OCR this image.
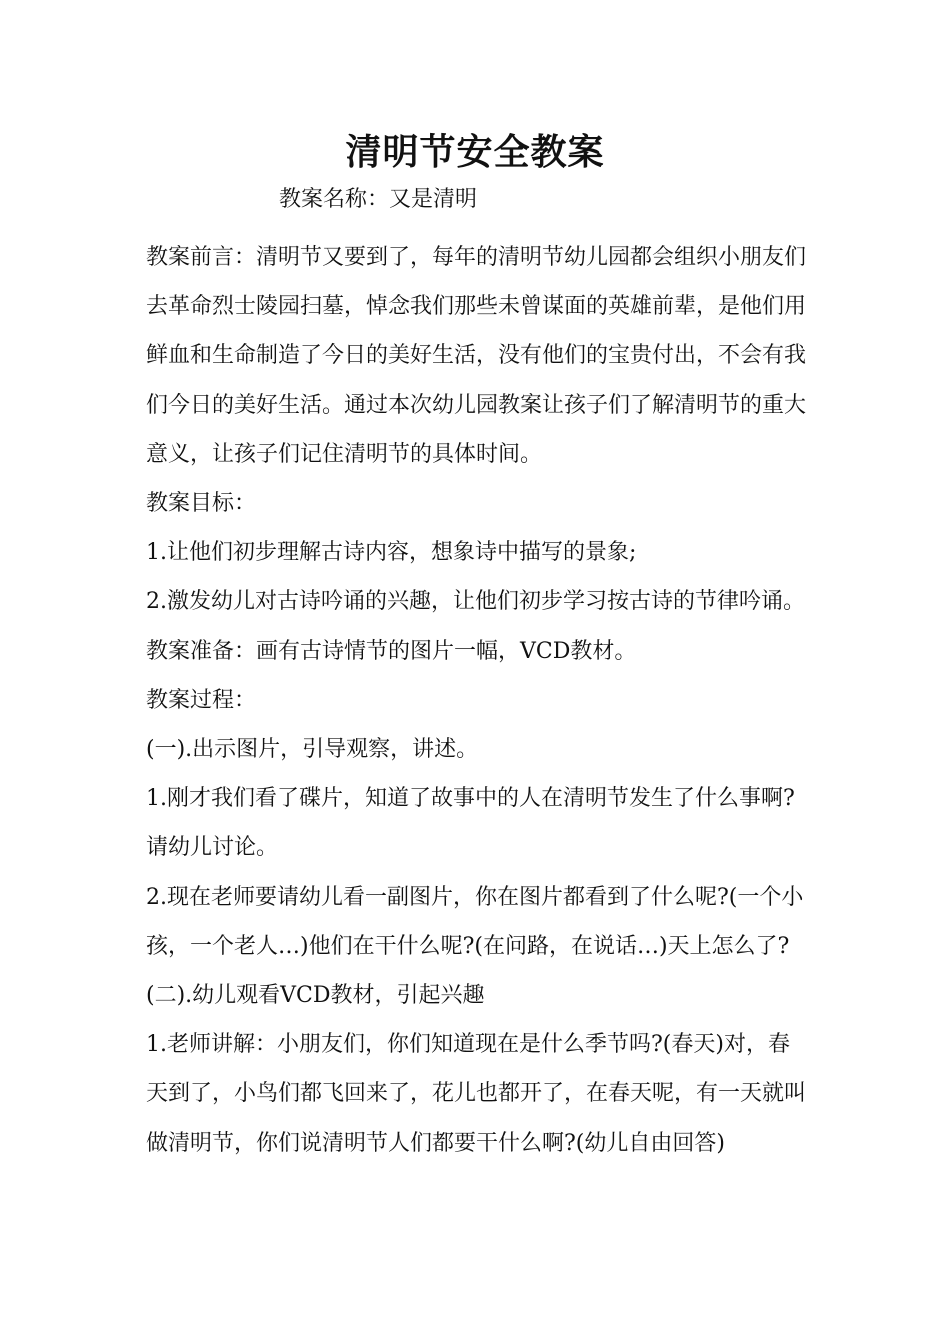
清明节安全教案
教案名称：又是清明

教案前言：清明节又要到了，每年的清明节幼儿园都会组织小朋友们去革命烈士陵园扫墓，悼念我们那些未曾谋面的英雄前辈，是他们用鲜血和生命制造了今日的美好生活，没有他们的宝贵付出，不会有我们今日的美好生活。通过本次幼儿园教案让孩子们了解清明节的重大意义，让孩子们记住清明节的具体时间。

教案目标：

1.让他们初步理解古诗内容，想象诗中描写的景象;

2.激发幼儿对古诗吟诵的兴趣，让他们初步学习按古诗的节律吟诵。

教案准备：画有古诗情节的图片一幅，VCD教材。

教案过程：

(一).出示图片，引导观察，讲述。

1.刚才我们看了碟片，知道了故事中的人在清明节发生了什么事啊?请幼儿讨论。

2.现在老师要请幼儿看一副图片，你在图片都看到了什么呢?(一个小孩，一个老人…)他们在干什么呢?(在问路，在说话…)天上怎么了?

(二).幼儿观看VCD教材，引起兴趣

1.老师讲解：小朋友们，你们知道现在是什么季节吗?(春天)对，春天到了，小鸟们都飞回来了，花儿也都开了，在春天呢，有一天就叫做清明节，你们说清明节人们都要干什么啊?(幼儿自由回答)
